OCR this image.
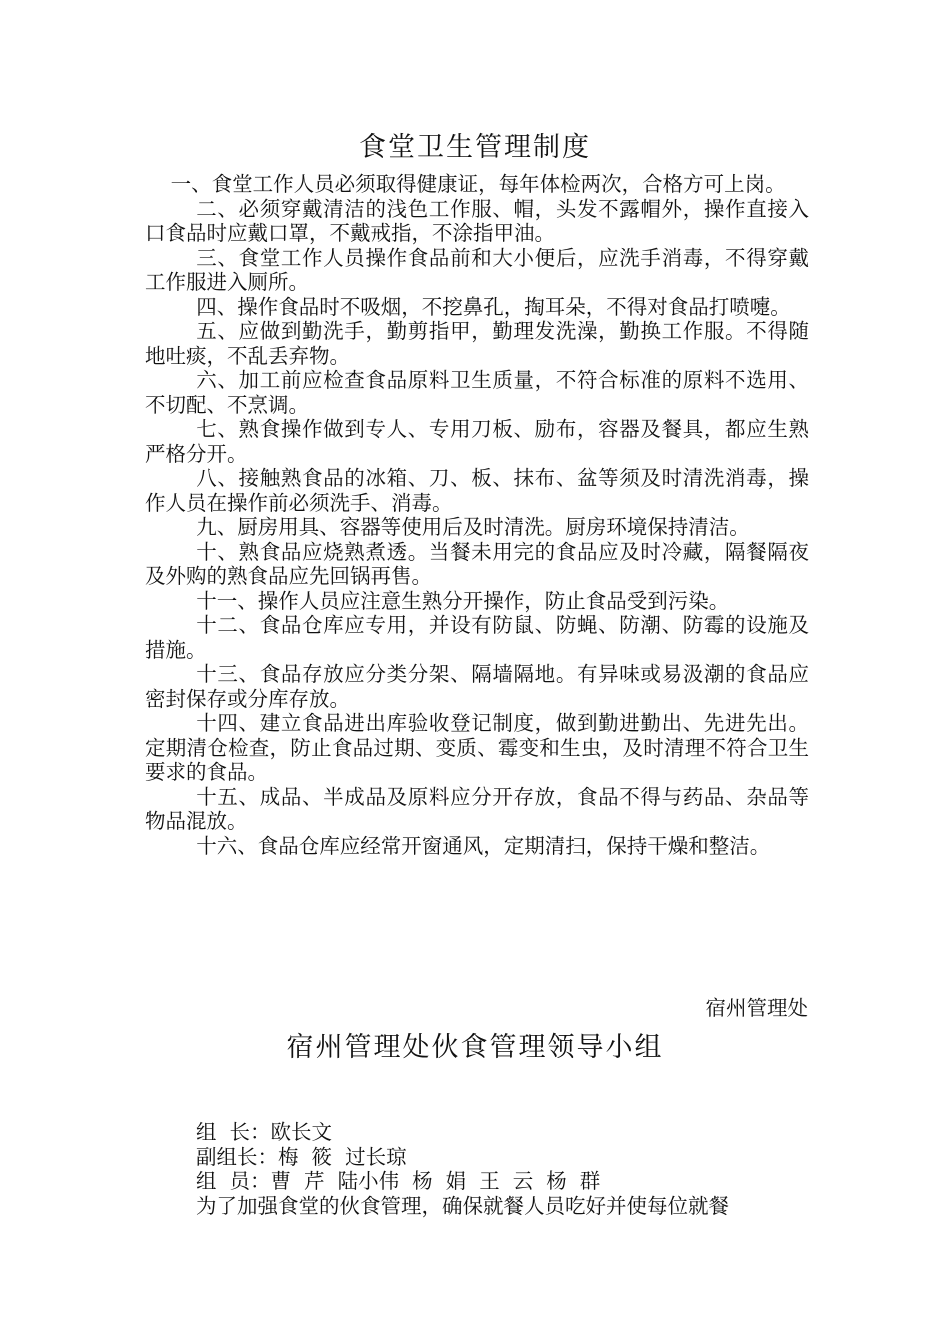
食堂卫生管理制度

一、食堂工作人员必须取得健康证，每年体检两次，合格方可上岗。

二、必须穿戴清洁的浅色工作服、帽，头发不露帽外，操作直接入口食品时应戴口罩，不戴戒指，不涂指甲油。

三、食堂工作人员操作食品前和大小便后，应洗手消毒，不得穿戴工作服进入厕所。

四、操作食品时不吸烟，不挖鼻孔，掏耳朵，不得对食品打喷嚏。

五、应做到勤洗手，勤剪指甲，勤理发洗澡，勤换工作服。不得随地吐痰，不乱丢弃物。

六、加工前应检查食品原料卫生质量，不符合标准的原料不选用、不切配、不烹调。

七、熟食操作做到专人、专用刀板、励布，容器及餐具，都应生熟严格分开。

八、接触熟食品的冰箱、刀、板、抹布、盆等须及时清洗消毒，操作人员在操作前必须洗手、消毒。

九、厨房用具、容器等使用后及时清洗。厨房环境保持清洁。

十、熟食品应烧熟煮透。当餐未用完的食品应及时冷藏，隔餐隔夜及外购的熟食品应先回锅再售。

十一、操作人员应注意生熟分开操作，防止食品受到污染。

十二、食品仓库应专用，并设有防鼠、防蝇、防潮、防霉的设施及措施。

十三、食品存放应分类分架、隔墙隔地。有异味或易汲潮的食品应密封保存或分库存放。

十四、建立食品进出库验收登记制度，做到勤进勤出、先进先出。定期清仓检查，防止食品过期、变质、霉变和生虫，及时清理不符合卫生要求的食品。

十五、成品、半成品及原料应分开存放，食品不得与药品、杂品等物品混放。

十六、食品仓库应经常开窗通风，定期清扫，保持干燥和整洁。

宿州管理处
宿州管理处伙食管理领导小组
组  长：欧长文
副组长：梅  筱  过长琼
组  员：曹  芹  陆小伟  杨  娟  王  云  杨  群
为了加强食堂的伙食管理，确保就餐人员吃好并使每位就餐
